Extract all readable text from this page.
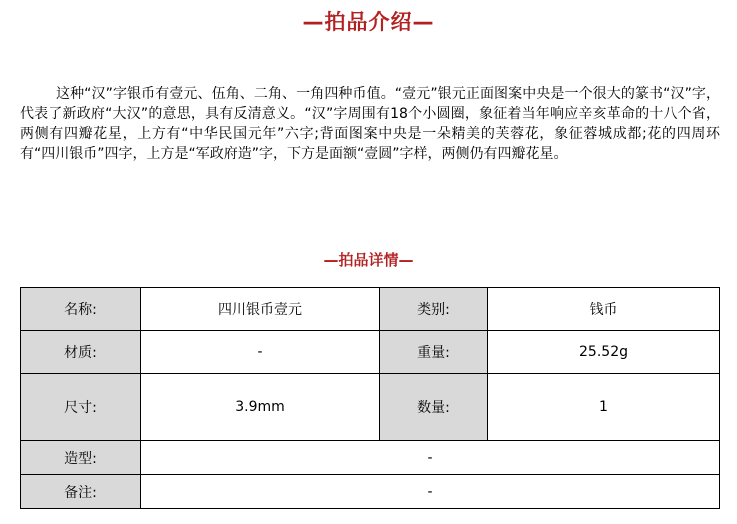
—拍品介绍—
这种“汉”字银币有壹元、伍角、二角、一角四种币值。“壹元”银元正面图案中央是一个很大的篆书“汉”字，代表了新政府“大汉”的意思，具有反清意义。“汉”字周围有18个小圆圈，象征着当年响应辛亥革命的十八个省，两侧有四瓣花星，上方有“中华民国元年”六字;背面图案中央是一朵精美的芙蓉花，象征蓉城成都;花的四周环有“四川银币”四字，上方是“军政府造”字，下方是面额“壹圆”字样，两侧仍有四瓣花星。
—拍品详情—
名称:	四川银币壹元	类别:	钱币
材质:	-	重量:	25.52g
尺寸:	3.9mm	数量:	1
造型:	-		
备注:	-		
